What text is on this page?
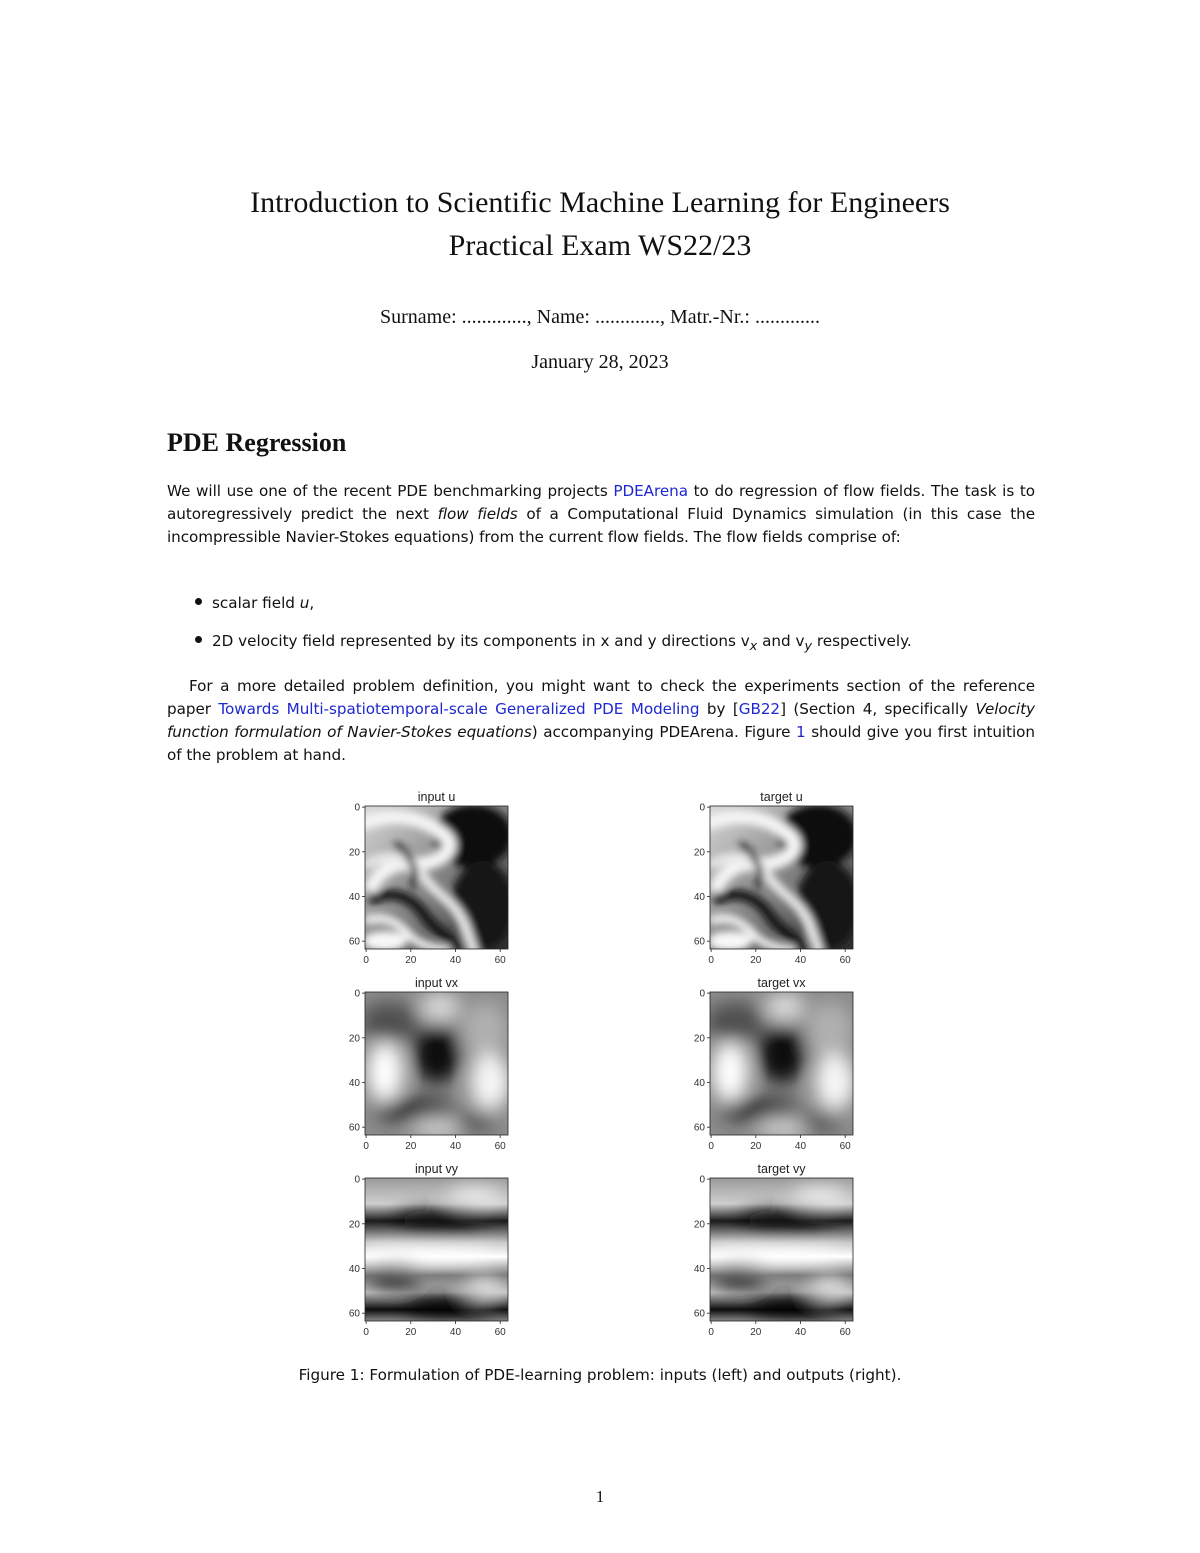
Introduction to Scientific Machine Learning for Engineers
Practical Exam WS22/23
Surname: ............., Name: ............., Matr.-Nr.: .............
January 28, 2023
PDE Regression
We will use one of the recent PDE benchmarking projects PDEArena to do regression of flow fields. The task is to autoregressively predict the next flow fields of a Computational Fluid Dynamics simulation (in this case the incompressible Navier-Stokes equations) from the current flow fields. The flow fields comprise of:
scalar field u,
2D velocity field represented by its components in x and y directions $v_x$ and $v_y$ respectively.
For a more detailed problem definition, you might want to check the experiments section of the reference paper Towards Multi-spatiotemporal-scale Generalized PDE Modeling by [GB22] (Section 4, specifically Velocity function formulation of Navier-Stokes equations) accompanying PDEArena. Figure 1 should give you first intuition of the problem at hand.
input u
0	20	40	60
0
20
40
60
target u
0	20	40	60
0
20
40
60
input vx
0	20	40	60
0
20
40
60
target vx
0	20	40	60
0
20
40
60
input vy
0	20	40	60
0
20
40
60
target vy
0	20	40	60
0
20
40
60
Figure 1: Formulation of PDE-learning problem: inputs (left) and outputs (right).
1
